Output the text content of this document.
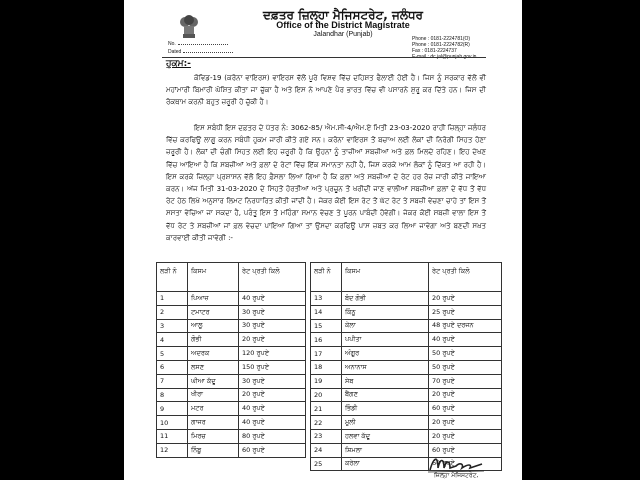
ਦਫ਼ਤਰ ਜ਼ਿਲ੍ਹਾ ਮੈਜਿਸਟਰੇਟ, ਜਲੰਧਰ
Office of the District Magistrate
Jalandhar (Punjab)
Phone : 0181-2224781(O)
Phone : 0181-2224782(R)
Fax : 0181-2224737
E-mail : dc.jal@punjab.gov.in
No.
Dated
ਹੁਕਮ:-
ਕੋਵਿਡ-19 (ਕਰੋਨਾ ਵਾਇਰਸ) ਵਾਇਰਸ ਵੱਲੋਂ ਪੂਰੇ ਵਿਸ਼ਵ ਵਿੱਚ ਦਹਿਸ਼ਤ ਫੈਲਾਈ ਹੋਈ ਹੈ। ਜਿਸ ਨੂੰ ਸਰਕਾਰ ਵੱਲੋਂ ਵੀ ਮਹਾਂਮਾਰੀ ਬਿਮਾਰੀ ਘੋਸ਼ਿਤ ਕੀਤਾ ਜਾ ਚੁੱਕਾ ਹੈ ਅਤੇ ਇਸ ਨੇ ਆਪਣੇ ਪੈਰ ਭਾਰਤ ਵਿੱਚ ਵੀ ਪਸਾਰਨੇ ਸ਼ੁਰੂ ਕਰ ਦਿੱਤੇ ਹਨ। ਜਿਸ ਦੀ ਰੋਕਥਾਮ ਕਰਨੀ ਬਹੁਤ ਜ਼ਰੂਰੀ ਹੋ ਚੁੱਕੀ ਹੈ।
ਇਸ ਸਬੰਧੀ ਇਸ ਦਫ਼ਤਰ ਦੇ ਪੱਤਰ ਨੰ: 3062-85/ ਐਮ.ਸੀ-4/ਐਮ.ਏ ਮਿਤੀ 23-03-2020 ਰਾਹੀਂ ਜ਼ਿਲ੍ਹਾ ਜਲੰਧਰ ਵਿੱਚ ਕਰਫਿਊ ਲਾਗੂ ਕਰਨ ਸਬੰਧੀ ਹੁਕਮ ਜਾਰੀ ਕੀਤੇ ਗਏ ਸਨ। ਕਰੋਨਾ ਵਾਇਰਸ ਤੋਂ ਬਚਾਅ ਲਈ ਲੋਕਾਂ ਦੀ ਨਿਰੋਗੀ ਸਿਹਤ ਹੋਣਾ ਜ਼ਰੂਰੀ ਹੈ। ਲੋਕਾਂ ਦੀ ਚੰਗੀ ਸਿਹਤ ਲਈ ਇਹ ਜ਼ਰੂਰੀ ਹੈ ਕਿ ਉਹਨਾਂ ਨੂੰ ਤਾਜ਼ੀਆਂ ਸਬਜ਼ੀਆਂ ਅਤੇ ਫ਼ਲ ਮਿਲਦੇ ਰਹਿਣ। ਇਹ ਦੇਖਣ ਵਿੱਚ ਆਇਆ ਹੈ ਕਿ ਸਬਜ਼ੀਆਂ ਅਤੇ ਫ਼ਲਾਂ ਦੇ ਰੇਟਾਂ ਵਿੱਚ ਇੱਕ ਸਮਾਨਤਾ ਨਹੀਂ ਹੈ, ਜਿਸ ਕਰਕੇ ਆਮ ਲੋਕਾਂ ਨੂੰ ਦਿੱਕਤ ਆ ਰਹੀ ਹੈ। ਇਸ ਕਰਕੇ ਜ਼ਿਲ੍ਹਾ ਪ੍ਰਸ਼ਾਸਨ ਵੱਲੋਂ ਇਹ ਫ਼ੈਸਲਾ ਲਿਆ ਗਿਆ ਹੈ ਕਿ ਫ਼ਲਾਂ ਅਤੇ ਸਬਜ਼ੀਆਂ ਦੇ ਰੇਟ ਹਰ ਰੋਜ਼ ਜਾਰੀ ਕੀਤੇ ਜਾਇਆ ਕਰਨ। ਅੱਜ ਮਿਤੀ 31-03-2020 ਦੇ ਸਿਹਤੋਂ ਹੋਰਤੀਆਂ ਅਤੇ ਪ੍ਰਚੂਨ ਤੋਂ ਖਰੀਦੀ ਜਾਣ ਵਾਲੀਆਂ ਸਬਜ਼ੀਆਂ ਫ਼ਲਾਂ ਦੇ ਵੱਧ ਤੋਂ ਵੱਧ ਰੇਟ ਹੇਠ ਲਿਖੇ ਅਨੁਸਾਰ ਲਿਮਟ ਨਿਰਧਾਰਿਤ ਕੀਤੀ ਜਾਂਦੀ ਹੈ। ਜੇਕਰ ਕੋਈ ਇਸ ਰੇਟ ਤੋਂ ਘੱਟ ਰੇਟ ਤੇ ਸਬਜ਼ੀ ਵੇਚਣਾ ਚਾਹੇ ਤਾਂ ਇਸ ਤੋਂ ਸਸਤਾ ਵੇਚਿਆ ਜਾ ਸਕਦਾ ਹੈ, ਪਰੰਤੂ ਇਸ ਤੋਂ ਮਹਿੰਗਾ ਸਮਾਨ ਵੇਚਣ ਤੇ ਪੂਰਨ ਪਾਬੰਦੀ ਹੋਵੇਗੀ। ਜੇਕਰ ਕੋਈ ਸਬਜ਼ੀ ਵਾਲਾ ਇਸ ਤੋਂ ਵੱਧ ਰੇਟ ਤੇ ਸਬਜ਼ੀਆਂ ਜਾਂ ਫ਼ਲ ਵੇਚਦਾ ਪਾਇਆ ਗਿਆ ਤਾਂ ਉਸਦਾ ਕਰਫਿਊ ਪਾਸ ਜ਼ਬਤ ਕਰ ਲਿਆ ਜਾਵੇਗਾ ਅਤੇ ਬਣਦੀ ਸਖ਼ਤ ਕਾਰਵਾਈ ਕੀਤੀ ਜਾਵੇਗੀ :-
ਲੜੀ ਨੰ	ਕਿਸਮ	ਰੇਟ ਪ੍ਰਤੀ ਕਿਲੋ
1	ਪਿਆਜ਼	40 ਰੁਪਏ
2	ਟਮਾਟਰ	30 ਰੁਪਏ
3	ਆਲੂ	30 ਰੁਪਏ
4	ਗੋਭੀ	20 ਰੁਪਏ
5	ਅਦਰਕ	120 ਰੁਪਏ
6	ਲਸਣ	150 ਰੁਪਏ
7	ਘੀਆ ਕੱਦੂ	30 ਰੁਪਏ
8	ਖੀਰਾ	20 ਰੁਪਏ
9	ਮਟਰ	40 ਰੁਪਏ
10	ਗਾਜਰ	40 ਰੁਪਏ
11	ਮਿਰਚ	80 ਰੁਪਏ
12	ਨਿੰਬੂ	60 ਰੁਪਏ
ਲੜੀ ਨੰ	ਕਿਸਮ	ਰੇਟ ਪ੍ਰਤੀ ਕਿਲੋ
13	ਬੰਦ ਗੋਭੀ	20 ਰੁਪਏ
14	ਕਿੰਨੂ	25 ਰੁਪਏ
15	ਕੇਲਾ	48 ਰੁਪਏ ਦਰਜਨ
16	ਪਪੀਤਾ	40 ਰੁਪਏ
17	ਅੰਗੂਰ	50 ਰੁਪਏ
18	ਅਨਾਨਾਸ	50 ਰੁਪਏ
19	ਸੇਬ	70 ਰੁਪਏ
20	ਬੈਂਗਣ	20 ਰੁਪਏ
21	ਭਿੰਡੀ	60 ਰੁਪਏ
22	ਮੂਲੀ	20 ਰੁਪਏ
23	ਹਲਵਾ ਕੱਦੂ	20 ਰੁਪਏ
24	ਸ਼ਿਮਲਾ	60 ਰੁਪਏ
25	ਕਰੇਲਾ	60 ਰੁਪਏ
ਜ਼ਿਲ੍ਹਾ ਮੈਜਿਸਟਰੇਟ,
